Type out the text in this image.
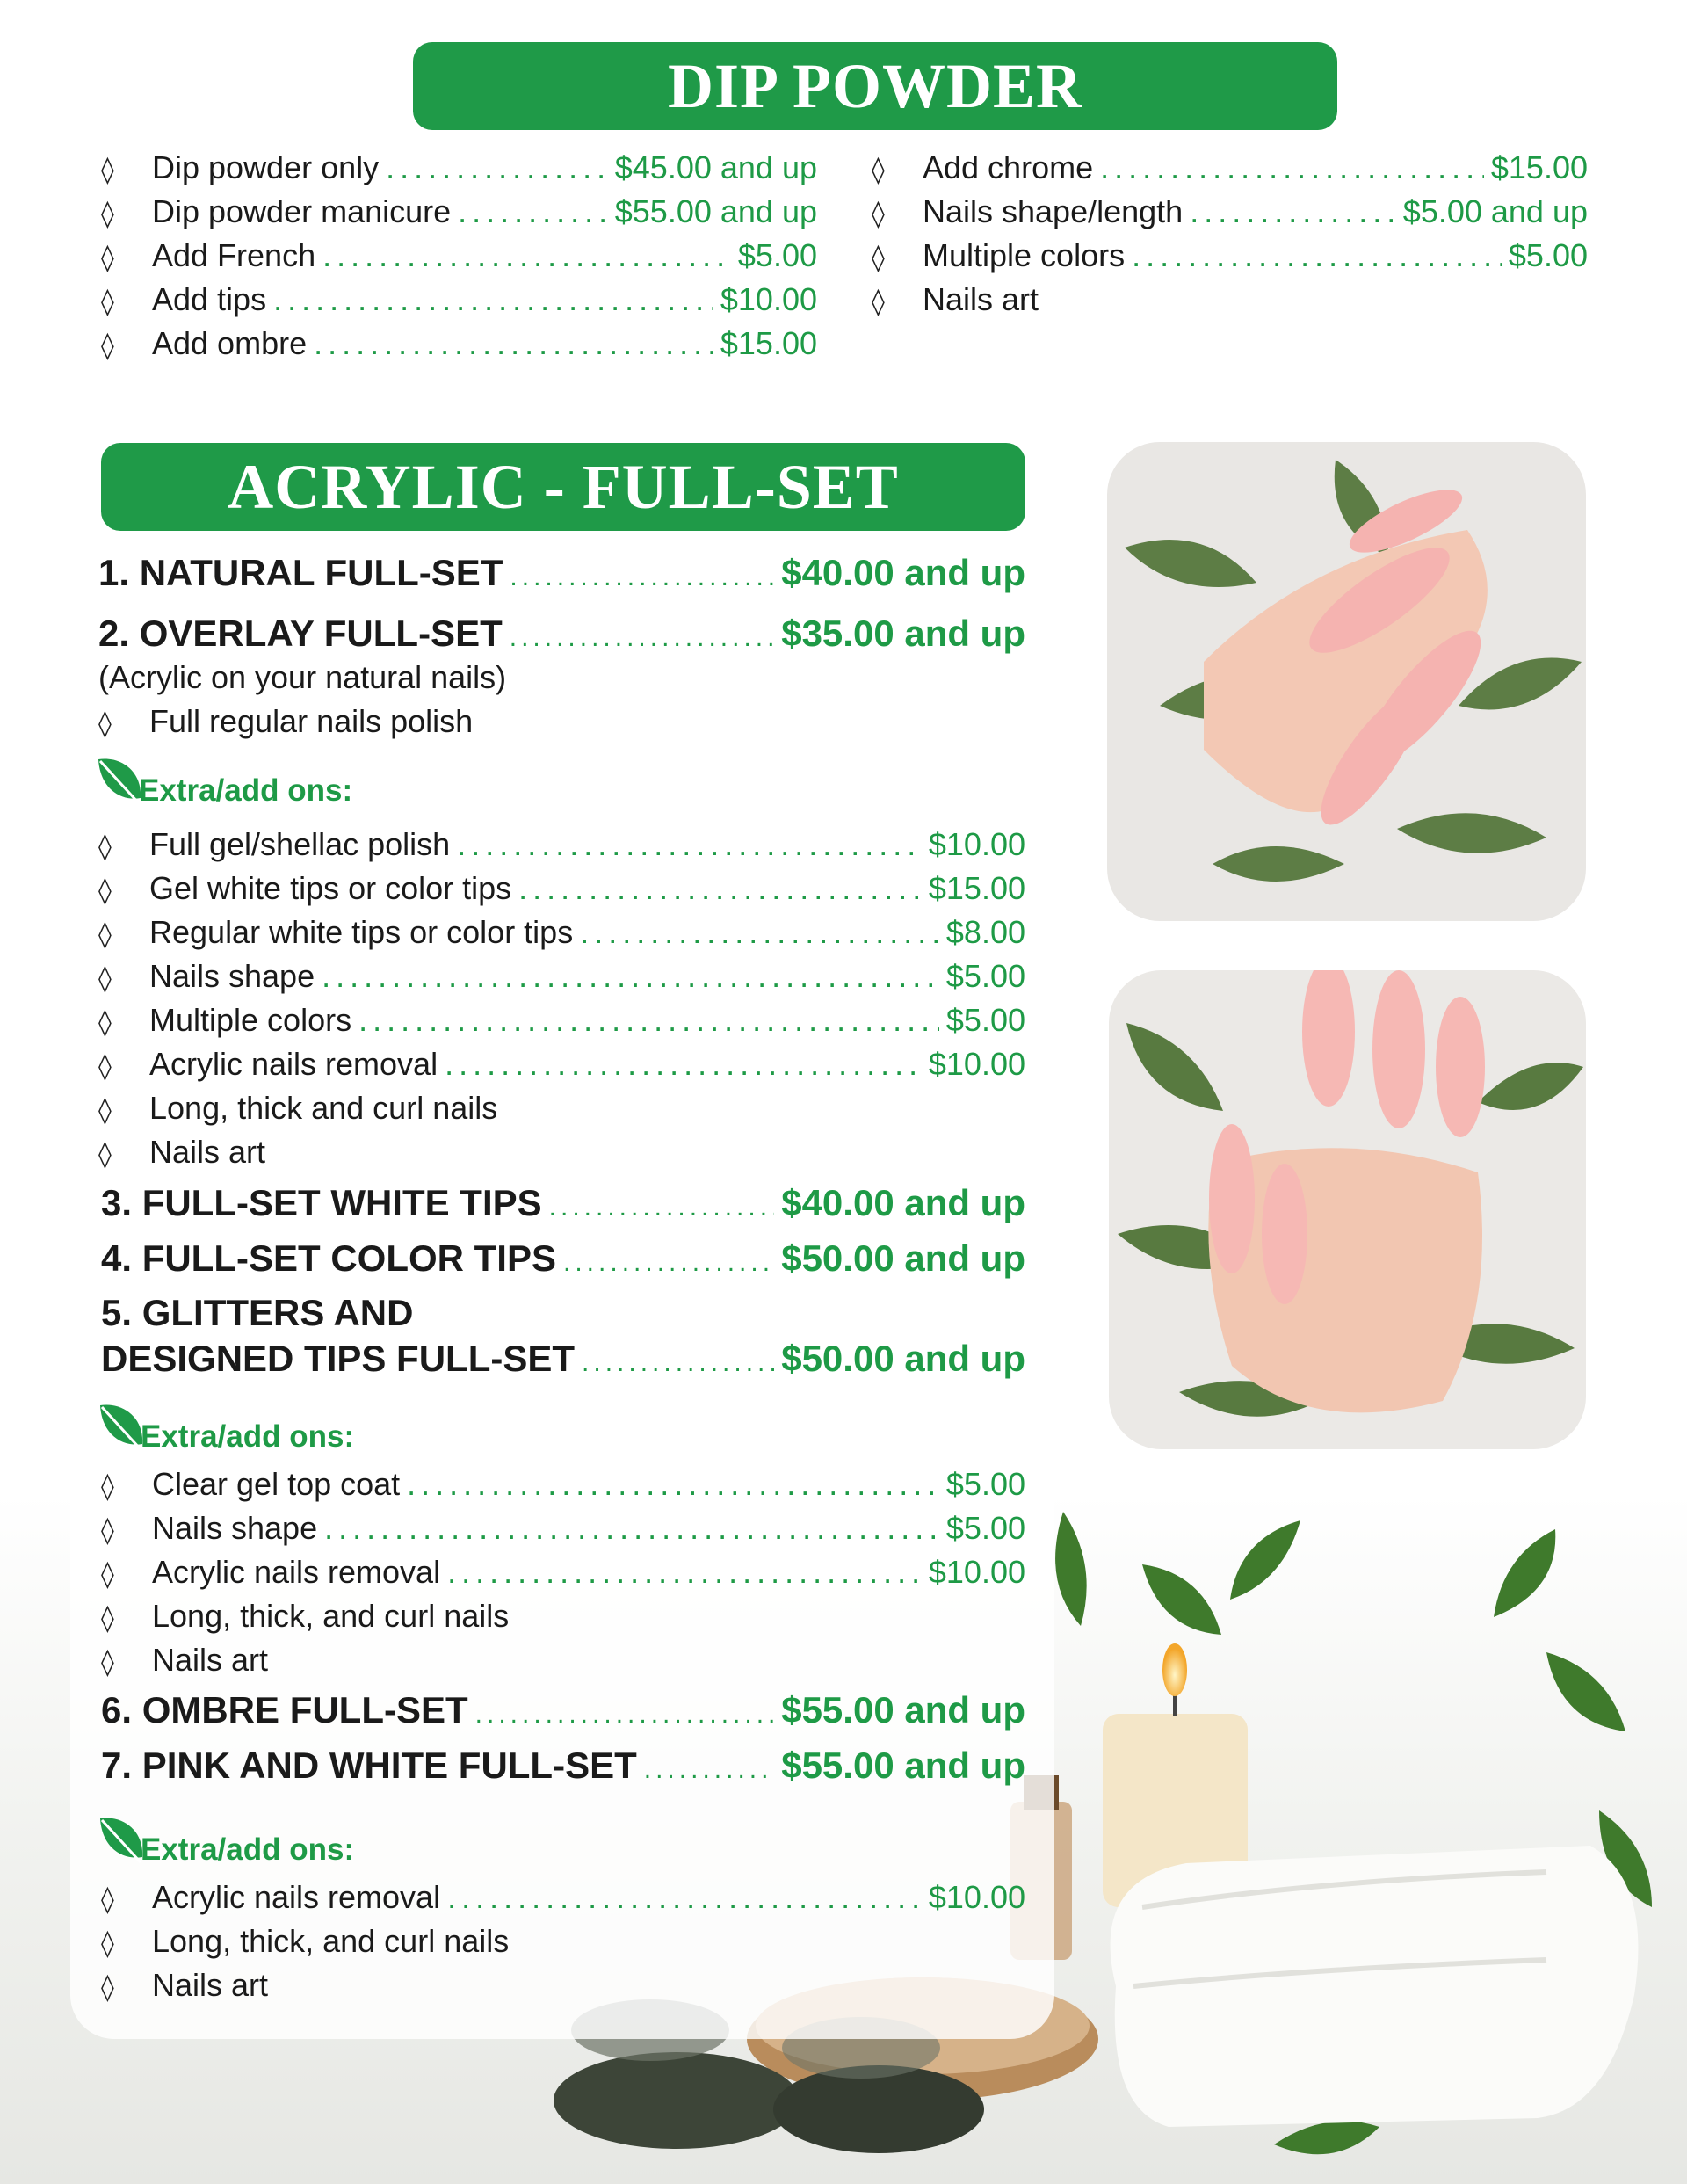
DIP POWDER
◊	Dip powder only .....	$45.00 and up
◊	Dip powder manicure .....	$55.00 and up
◊	Add French .....	$5.00
◊	Add tips .....	$10.00
◊	Add ombre .....	$15.00
◊	Add chrome .....	$15.00
◊	Nails shape/length .....	$5.00 and up
◊	Multiple colors .....	$5.00
◊	Nails art
ACRYLIC - FULL-SET
1. NATURAL FULL-SET .....	$40.00 and up
2. OVERLAY FULL-SET .....	$35.00 and up
(Acrylic on your natural nails)
◊	Full regular nails polish
Extra/add ons:
◊	Full gel/shellac polish .....	$10.00
◊	Gel white tips or color tips .....	$15.00
◊	Regular white tips or color tips .....	$8.00
◊	Nails shape .....	$5.00
◊	Multiple colors .....	$5.00
◊	Acrylic nails removal .....	$10.00
◊	Long, thick and curl nails
◊	Nails art
3. FULL-SET WHITE TIPS .....	$40.00 and up
4. FULL-SET COLOR TIPS .....	$50.00 and up
5. GLITTERS AND
DESIGNED TIPS FULL-SET .....	$50.00 and up
Extra/add ons:
◊	Clear gel top coat .....	$5.00
◊	Nails shape .....	$5.00
◊	Acrylic nails removal .....	$10.00
◊	Long, thick, and curl nails
◊	Nails art
6. OMBRE FULL-SET .....	$55.00 and up
7. PINK AND WHITE FULL-SET .....	$55.00 and up
Extra/add ons:
◊	Acrylic nails removal .....	$10.00
◊	Long, thick, and curl nails
◊	Nails art
